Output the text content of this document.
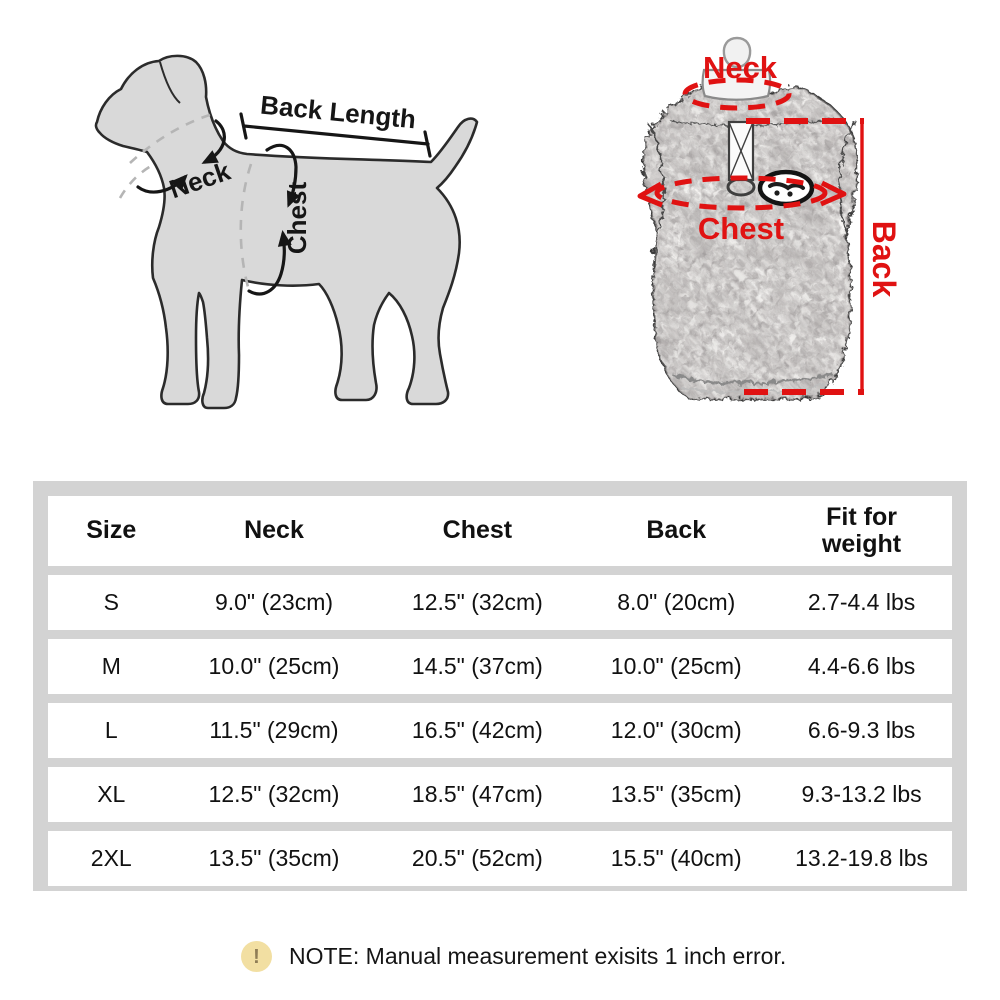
Back Length
Neck
Chest
Neck
Chest	Back
Size	Neck	Chest	Back	Fit for weight
S	9.0" (23cm)	12.5" (32cm)	8.0" (20cm)	2.7-4.4 lbs
M	10.0" (25cm)	14.5" (37cm)	10.0" (25cm)	4.4-6.6 lbs
L	11.5" (29cm)	16.5" (42cm)	12.0" (30cm)	6.6-9.3 lbs
XL	12.5" (32cm)	18.5" (47cm)	13.5" (35cm)	9.3-13.2 lbs
2XL	13.5" (35cm)	20.5" (52cm)	15.5" (40cm)	13.2-19.8 lbs
!	NOTE: Manual measurement exisits 1 inch error.
